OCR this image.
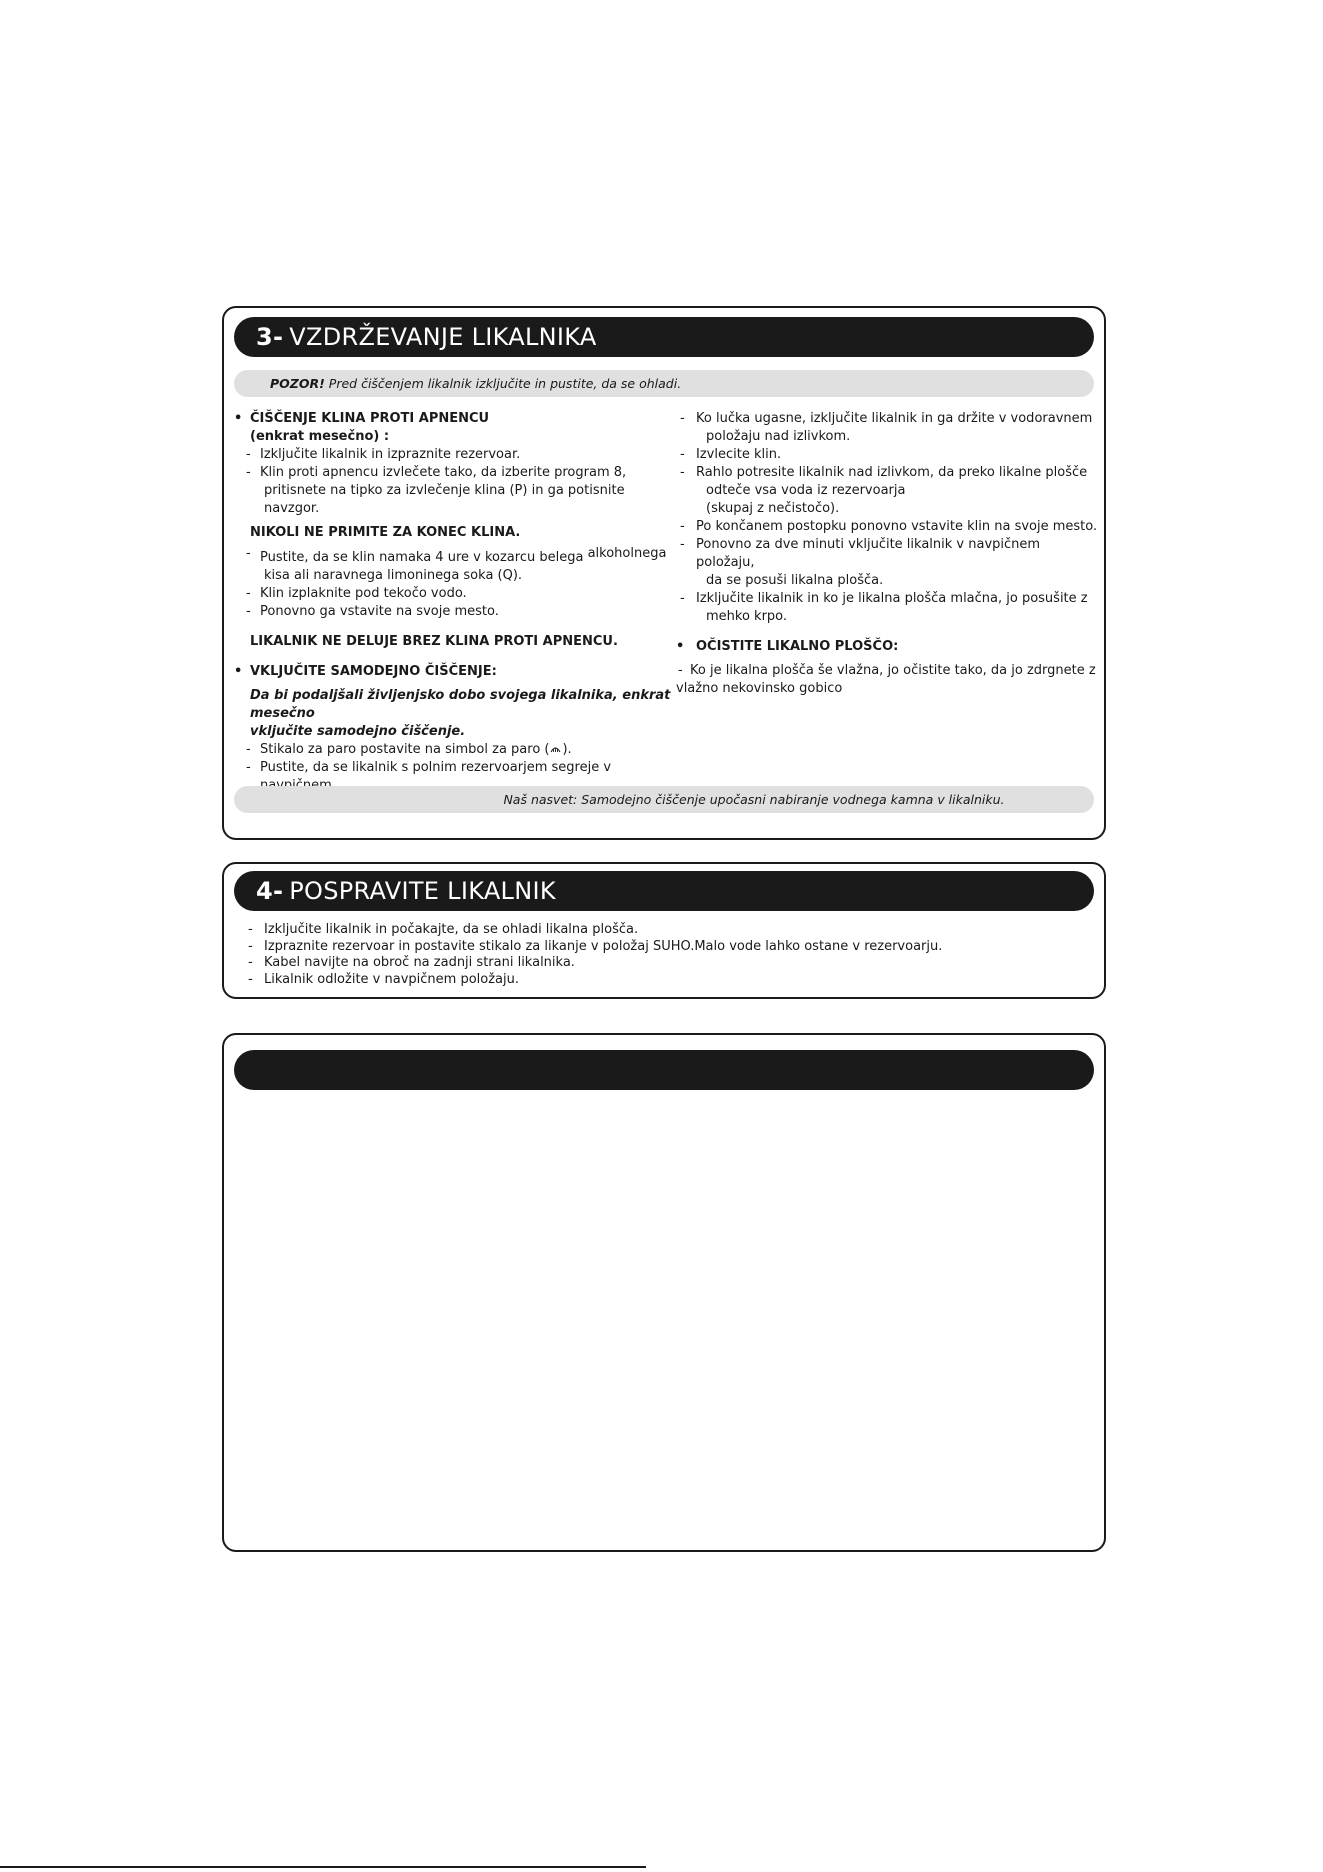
3- VZDRŽEVANJE LIKALNIKA
POZOR! Pred čiščenjem likalnik izključite in pustite, da se ohladi.
• ČIŠČENJE KLINA PROTI APNENCU
(enkrat mesečno) :
- Izključite likalnik in izpraznite rezervoar.
- Klin proti apnencu izvlečete tako, da izberite program 8,
pritisnete na tipko za izvlečenje klina (P) in ga potisnite
navzgor.
NIKOLI NE PRIMITE ZA KONEC KLINA.
- Pustite, da se klin namaka 4 ure v kozarcu belega $^{alkoholnega}$
kisa ali naravnega limoninega soka (Q).
- Klin izplaknite pod tekočo vodo.
- Ponovno ga vstavite na svoje mesto.
LIKALNIK NE DELUJE BREZ KLINA PROTI APNENCU.
• VKLJUČITE SAMODEJNO ČIŠČENJE:
Da bi podaljšali življenjsko dobo svojega likalnika, enkrat mesečno
vključite samodejno čiščenje.
- Stikalo za paro postavite na simbol za paro ( ).
- Pustite, da se likalnik s polnim rezervoarjem segreje v
- Ko lučka ugasne, izključite likalnik in ga držite v vodoravnem
položaju nad izlivkom.
- Izvlecite klin.
- Rahlo potresite likalnik nad izlivkom, da preko likalne plošče
odteče vsa voda iz rezervoarja
(skupaj z nečistočo).
- Po končanem postopku ponovno vstavite klin na svoje mesto.
- Ponovno za dve minuti vključite likalnik v navpičnem položaju,
da se posuši likalna plošča.
- Izključite likalnik in ko je likalna plošča mlačna, jo posušite z
mehko krpo.
• OČISTITE LIKALNO PLOŠČO:
- Ko je likalna plošča še vlažna, jo očistite tako, da jo zdrgnete z
vlažno nekovinsko gobico
Naš nasvet: Samodejno čiščenje upočasni nabiranje vodnega kamna v likalniku.
4- POSPRAVITE LIKALNIK
- Izključite likalnik in počakajte, da se ohladi likalna plošča.
- Izpraznite rezervoar in postavite stikalo za likanje v položaj SUHO.Malo vode lahko ostane v rezervoarju.
- Kabel navijte na obroč na zadnji strani likalnika.
- Likalnik odložite v navpičnem položaju.
